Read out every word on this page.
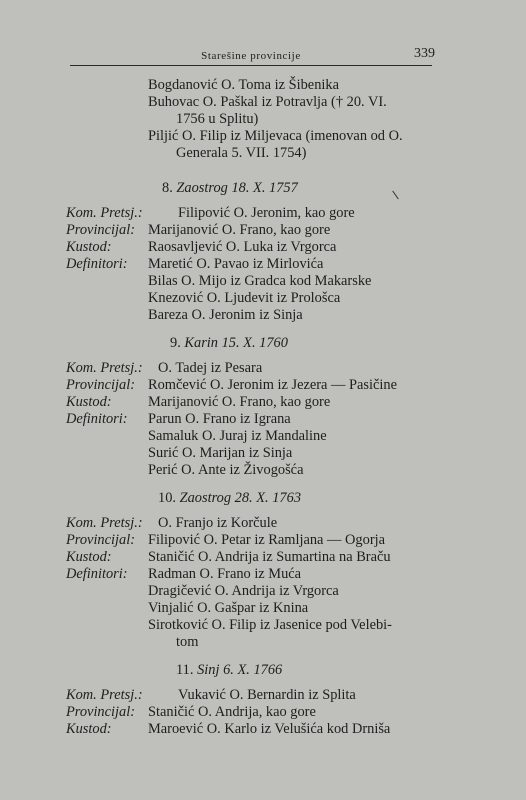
Starešine provincije	339
Bogdanović O. Toma iz Šibenika
Buhovac O. Paškal iz Potravlja († 20. VI.
1756 u Splitu)
Piljić O. Filip iz Miljevaca (imenovan od O.
Generala 5. VII. 1754)
8. Zaostrog 18. X. 1757
Kom. Pretsj.: Filipović O. Jeronim, kao gore
Provincijal: Marijanović O. Frano, kao gore
Kustod:	Raosavljević O. Luka iz Vrgorca
Definitori: Maretić O. Pavao iz Mirlovića
Bilas O. Mijo iz Gradca kod Makarske
Knezović O. Ljudevit iz Prološca
Bareza O. Jeronim iz Sinja
9. Karin 15. X. 1760
Kom. Pretsj.: O. Tadej iz Pesara
Provincijal: Romčević O. Jeronim iz Jezera — Pasičine
Kustod:	Marijanović O. Frano, kao gore
Definitori: Parun O. Frano iz Igrana
Samaluk O. Juraj iz Mandaline
Surić O. Marijan iz Sinja
Perić O. Ante iz Živogošća
10. Zaostrog 28. X. 1763
Kom. Pretsj.: O. Franjo iz Korčule
Provincijal: Filipović O. Petar iz Ramljana — Ogorja
Kustod:	Staničić O. Andrija iz Sumartina na Braču
Definitori: Radman O. Frano iz Muća
Dragičević O. Andrija iz Vrgorca
Vinjalić O. Gašpar iz Knina
Sirotković O. Filip iz Jasenice pod Velebi-
tom
11. Sinj 6. X. 1766
Kom. Pretsj.: Vukavić O. Bernardin iz Splita
Provincijal: Staničić O. Andrija, kao gore
Kustod:	Maroević O. Karlo iz Velušića kod Drniša
